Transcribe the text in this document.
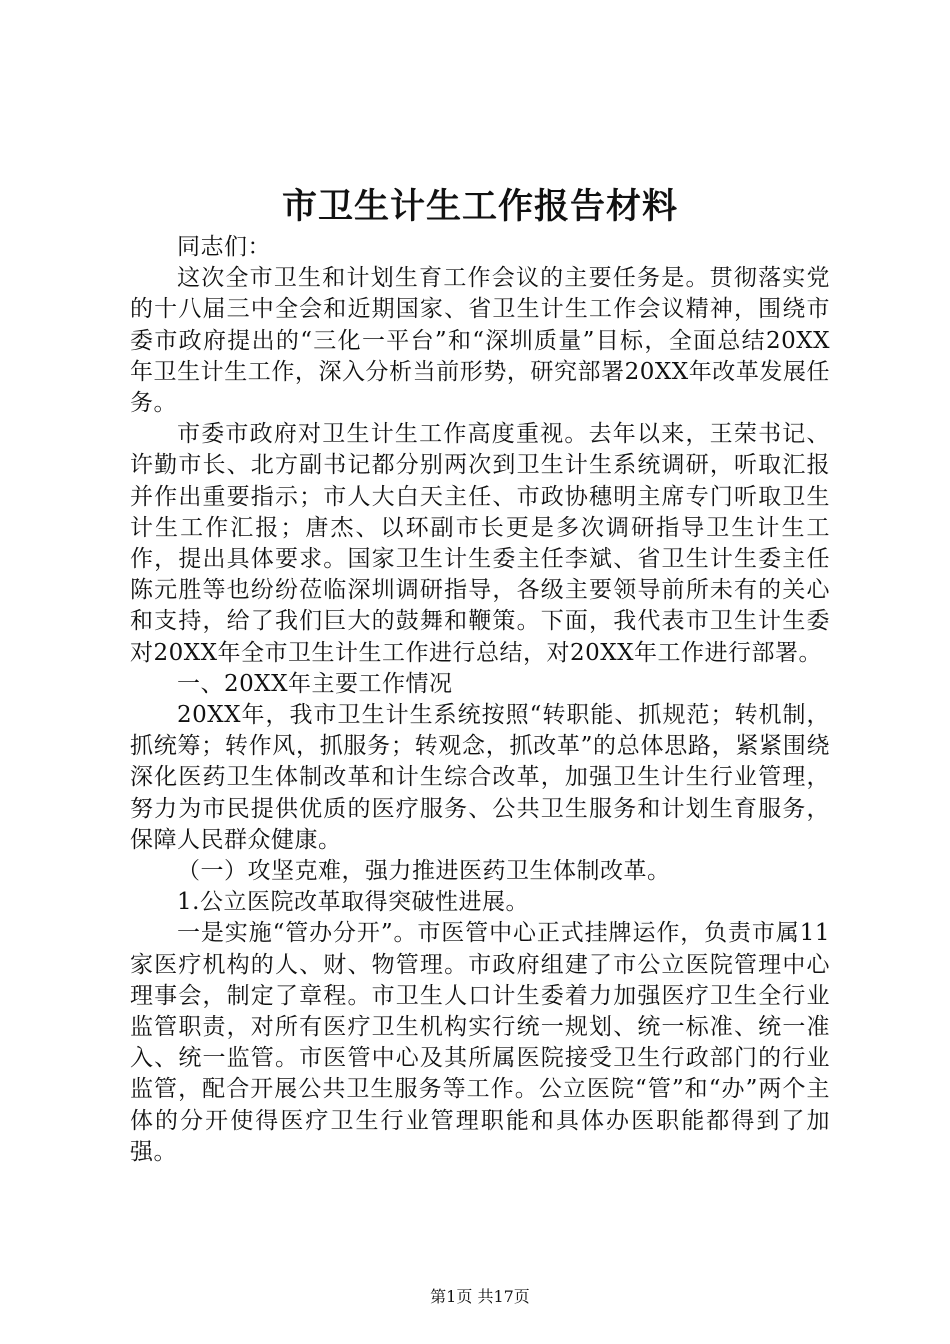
市卫生计生工作报告材料

同志们：

这次全市卫生和计划生育工作会议的主要任务是。贯彻落实党的十八届三中全会和近期国家、省卫生计生工作会议精神，围绕市委市政府提出的“三化一平台”和“深圳质量”目标，全面总结20XX年卫生计生工作，深入分析当前形势，研究部署20XX年改革发展任务。

市委市政府对卫生计生工作高度重视。去年以来，王荣书记、许勤市长、北方副书记都分别两次到卫生计生系统调研，听取汇报并作出重要指示；市人大白天主任、市政协穗明主席专门听取卫生计生工作汇报；唐杰、以环副市长更是多次调研指导卫生计生工作，提出具体要求。国家卫生计生委主任李斌、省卫生计生委主任陈元胜等也纷纷莅临深圳调研指导，各级主要领导前所未有的关心和支持，给了我们巨大的鼓舞和鞭策。下面，我代表市卫生计生委对20XX年全市卫生计生工作进行总结，对20XX年工作进行部署。

一、20XX年主要工作情况

20XX年，我市卫生计生系统按照“转职能、抓规范；转机制，抓统筹；转作风，抓服务；转观念，抓改革”的总体思路，紧紧围绕深化医药卫生体制改革和计生综合改革，加强卫生计生行业管理，努力为市民提供优质的医疗服务、公共卫生服务和计划生育服务，保障人民群众健康。

（一）攻坚克难，强力推进医药卫生体制改革。

1.公立医院改革取得突破性进展。

一是实施“管办分开”。市医管中心正式挂牌运作，负责市属11家医疗机构的人、财、物管理。市政府组建了市公立医院管理中心理事会，制定了章程。市卫生人口计生委着力加强医疗卫生全行业监管职责，对所有医疗卫生机构实行统一规划、统一标准、统一准入、统一监管。市医管中心及其所属医院接受卫生行政部门的行业监管，配合开展公共卫生服务等工作。公立医院“管”和“办”两个主体的分开使得医疗卫生行业管理职能和具体办医职能都得到了加强。

第1页 共17页
